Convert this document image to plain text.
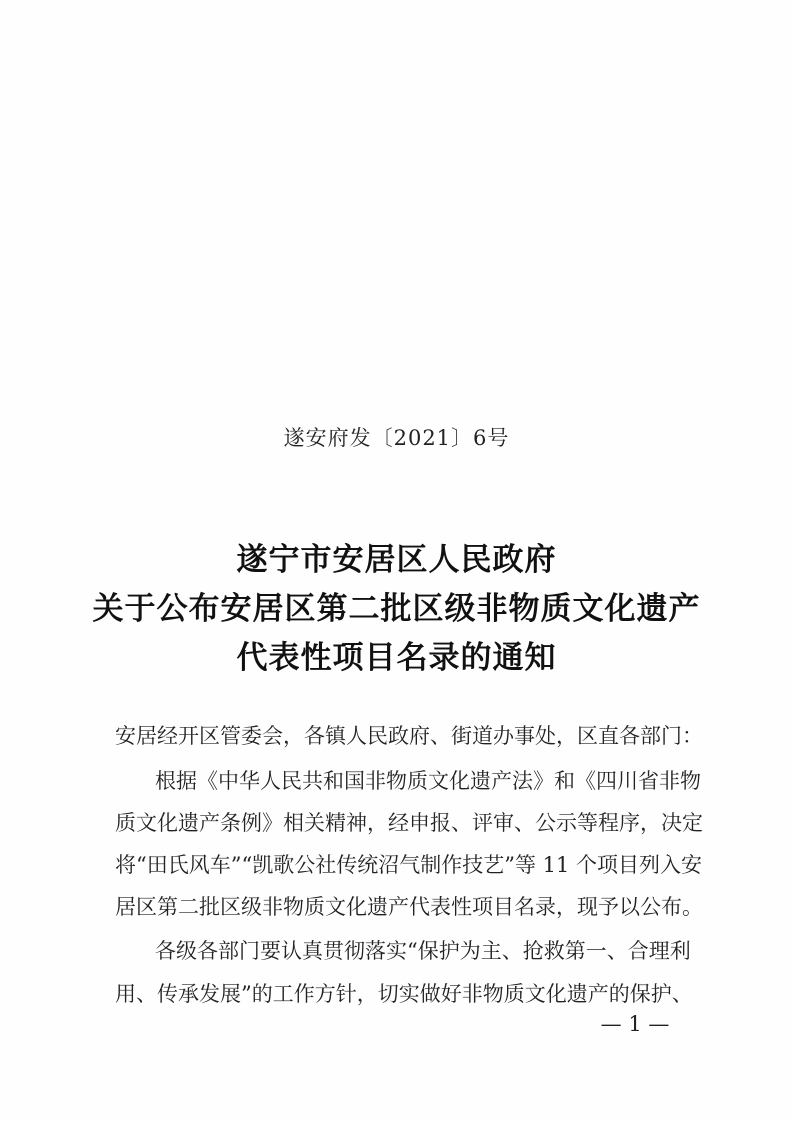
遂安府发〔2021〕6号
遂宁市安居区人民政府
关于公布安居区第二批区级非物质文化遗产
代表性项目名录的通知
安居经开区管委会，各镇人民政府、街道办事处，区直各部门：
根据《中华人民共和国非物质文化遗产法》和《四川省非物
质文化遗产条例》相关精神，经申报、评审、公示等程序，决定
将“田氏风车”“凯歌公社传统沼气制作技艺”等 11 个项目列入安
居区第二批区级非物质文化遗产代表性项目名录，现予以公布。
各级各部门要认真贯彻落实“保护为主、抢救第一、合理利
用、传承发展”的工作方针，切实做好非物质文化遗产的保护、
— 1 —
